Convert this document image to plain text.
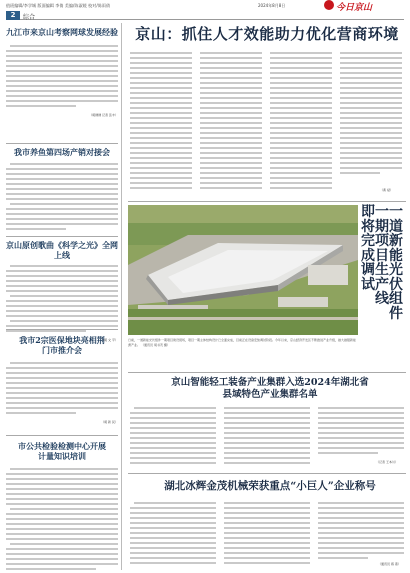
值班编辑/李学城 版面编辑 李倩 美编/陈淑媛 校对/陈雨倩	2024年8月8日	今日京山
2	综合
九江市来京山考察网球发展经验
（胡健健 记者 张丰）
我市养鱼第四场产销对接会
京山原创歌曲《科学之光》全网上线
（胡 文 平）
我市2宗医保地块亮相荆门市推介会
（胡 新 民）
市公共检验检测中心开展计量知识培训
京山：抓住人才效能助力优化营商环境
（黄 斌）
一道新能光伏组件
一期项目生产线
即将完成调试
日前，一道新能光伏组件一期项目建设现场，项目一期主体结构设计已全面完成，目前正在设备安装调试阶段。今年以来，京山经济开发区不断推进产业升级，做大做强新能源产业。 （通讯员 胡书茂 摄）
京山智能轻工装备产业集群入选2024年湖北省
县域特色产业集群名单
（记者 王本川）
湖北冰辉金茂机械荣获重点“小巨人”企业称号
（通讯员 蒋 燕）
